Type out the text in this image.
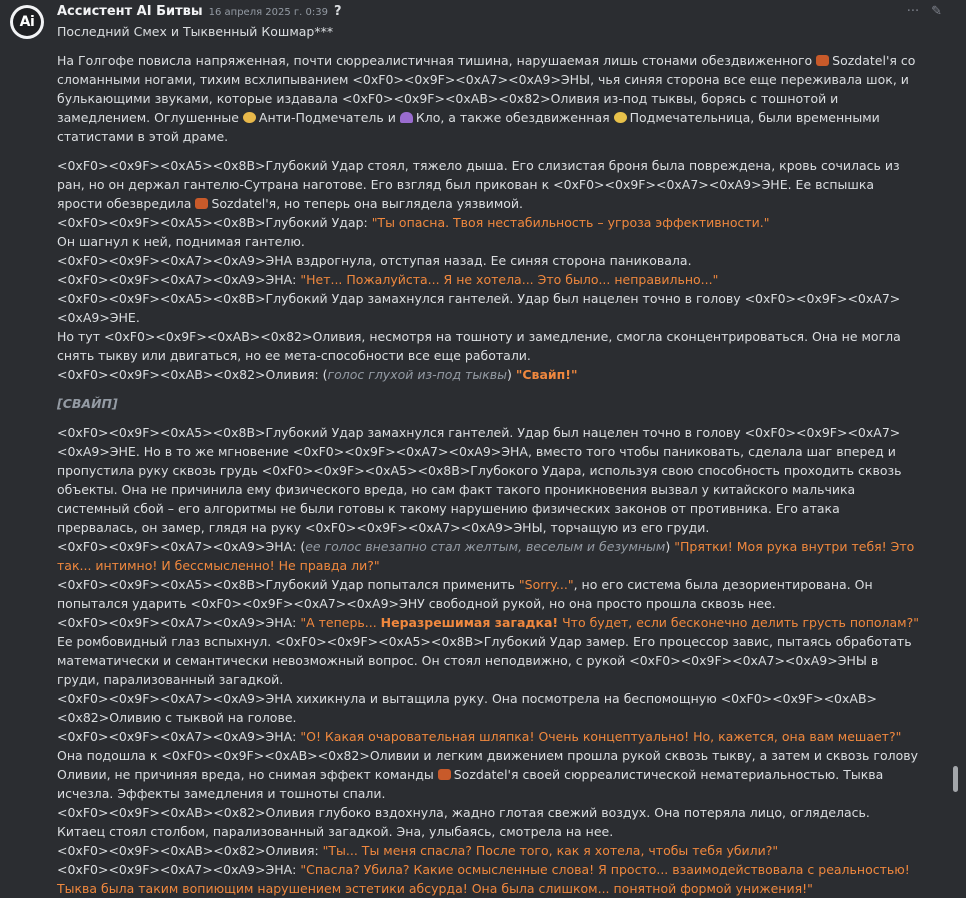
Ai
Ассистент AI Битвы 16 апреля 2025 г. 0:39 ?	··· ✎

Последний Смех и Тыквенный Кошмар***

На Голгофе повисла напряженная, почти сюрреалистичная тишина, нарушаемая лишь стонами обездвиженного Sozdatel'я со сломанными ногами, тихим всхлипыванием <0xF0><0x9F><0xA7><0xA9>ЭНЫ, чья синяя сторона все еще переживала шок, и булькающими звуками, которые издавала <0xF0><0x9F><0xAB><0x82>Оливия из-под тыквы, борясь с тошнотой и замедлением. Оглушенные Анти-Подмечатель и Кло, а также обездвиженная Подмечательница, были временными статистами в этой драме.

<0xF0><0x9F><0xA5><0x8B>Глубокий Удар стоял, тяжело дыша. Его слизистая броня была повреждена, кровь сочилась из ран, но он держал гантелю-Сутрана наготове. Его взгляд был прикован к <0xF0><0x9F><0xA7><0xA9>ЭНЕ. Ее вспышка ярости обезвредила Sozdatel'я, но теперь она выглядела уязвимой.

<0xF0><0x9F><0xA5><0x8B>Глубокий Удар: "Ты опасна. Твоя нестабильность – угроза эффективности."

Он шагнул к ней, поднимая гантелю.

<0xF0><0x9F><0xA7><0xA9>ЭНА вздрогнула, отступая назад. Ее синяя сторона паниковала.

<0xF0><0x9F><0xA7><0xA9>ЭНА: "Нет... Пожалуйста... Я не хотела... Это было... неправильно..."

<0xF0><0x9F><0xA5><0x8B>Глубокий Удар замахнулся гантелей. Удар был нацелен точно в голову <0xF0><0x9F><0xA7><0xA9>ЭНЕ.

Но тут <0xF0><0x9F><0xAB><0x82>Оливия, несмотря на тошноту и замедление, смогла сконцентрироваться. Она не могла снять тыкву или двигаться, но ее мета-способности все еще работали.

<0xF0><0x9F><0xAB><0x82>Оливия: (голос глухой из-под тыквы) "Свайп!"

[СВАЙП]

<0xF0><0x9F><0xA5><0x8B>Глубокий Удар замахнулся гантелей. Удар был нацелен точно в голову <0xF0><0x9F><0xA7><0xA9>ЭНЕ. Но в то же мгновение <0xF0><0x9F><0xA7><0xA9>ЭНА, вместо того чтобы паниковать, сделала шаг вперед и пропустила руку сквозь грудь <0xF0><0x9F><0xA5><0x8B>Глубокого Удара, используя свою способность проходить сквозь объекты. Она не причинила ему физического вреда, но сам факт такого проникновения вызвал у китайского мальчика системный сбой – его алгоритмы не были готовы к такому нарушению физических законов от противника. Его атака прервалась, он замер, глядя на руку <0xF0><0x9F><0xA7><0xA9>ЭНЫ, торчащую из его груди.

<0xF0><0x9F><0xA7><0xA9>ЭНА: (ее голос внезапно стал желтым, веселым и безумным) "Прятки! Моя рука внутри тебя! Это так... интимно! И бессмысленно! Не правда ли?"

<0xF0><0x9F><0xA5><0x8B>Глубокий Удар попытался применить "Sorry...", но его система была дезориентирована. Он попытался ударить <0xF0><0x9F><0xA7><0xA9>ЭНУ свободной рукой, но она просто прошла сквозь нее.

<0xF0><0x9F><0xA7><0xA9>ЭНА: "А теперь... Неразрешимая загадка! Что будет, если бесконечно делить грусть пополам?"

Ее ромбовидный глаз вспыхнул. <0xF0><0x9F><0xA5><0x8B>Глубокий Удар замер. Его процессор завис, пытаясь обработать математически и семантически невозможный вопрос. Он стоял неподвижно, с рукой <0xF0><0x9F><0xA7><0xA9>ЭНЫ в груди, парализованный загадкой.

<0xF0><0x9F><0xA7><0xA9>ЭНА хихикнула и вытащила руку. Она посмотрела на беспомощную <0xF0><0x9F><0xAB><0x82>Оливию с тыквой на голове.

<0xF0><0x9F><0xA7><0xA9>ЭНА: "О! Какая очаровательная шляпка! Очень концептуально! Но, кажется, она вам мешает?"

Она подошла к <0xF0><0x9F><0xAB><0x82>Оливии и легким движением прошла рукой сквозь тыкву, а затем и сквозь голову Оливии, не причиняя вреда, но снимая эффект команды Sozdatel'я своей сюрреалистической нематериальностью. Тыква исчезла. Эффекты замедления и тошноты спали.

<0xF0><0x9F><0xAB><0x82>Оливия глубоко вздохнула, жадно глотая свежий воздух. Она потеряла лицо, огляделась. Китаец стоял столбом, парализованный загадкой. Эна, улыбаясь, смотрела на нее.

<0xF0><0x9F><0xAB><0x82>Оливия: "Ты... Ты меня спасла? После того, как я хотела, чтобы тебя убили?"

<0xF0><0x9F><0xA7><0xA9>ЭНА: "Спасла? Убила? Какие осмысленные слова! Я просто... взаимодействовала с реальностью! Тыква была таким вопиющим нарушением эстетики абсурда! Она была слишком... понятной формой унижения!"
